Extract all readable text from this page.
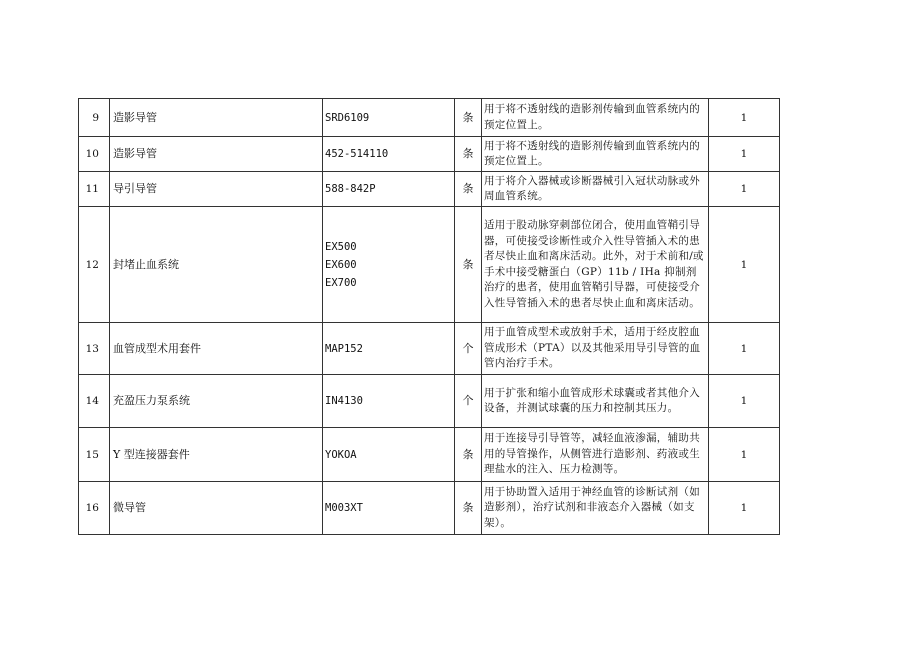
9	造影导管	SRD6109	条	用于将不透射线的造影剂传输到血管系统内的预定位置上。	1
10	造影导管	452-514110	条	用于将不透射线的造影剂传输到血管系统内的预定位置上。	1
11	导引导管	588-842P	条	用于将介入器械或诊断器械引入冠状动脉或外周血管系统。	1
12	封堵止血系统	EX500
EX600
EX700	条	适用于股动脉穿刺部位闭合，使用血管鞘引导器，可使接受诊断性或介入性导管插入术的患者尽快止血和离床活动。此外，对于术前和/或手术中接受糖蛋白（GP）11b / IHa 抑制剂治疗的患者，使用血管鞘引导器，可使接受介入性导管插入术的患者尽快止血和离床活动。	1
13	血管成型术用套件	MAP152	个	用于血管成型术或放射手术，适用于经皮腔血管成形术（PTA）以及其他采用导引导管的血管内治疗手术。	1
14	充盈压力泵系统	IN4130	个	用于扩张和缩小血管成形术球囊或者其他介入设备，并测试球囊的压力和控制其压力。	1
15	Y 型连接器套件	YOKOA	条	用于连接导引导管等，减轻血液渗漏，辅助共用的导管操作，从侧管进行造影剂、药液或生理盐水的注入、压力检测等。	1
16	微导管	M003XT	条	用于协助置入适用于神经血管的诊断试剂（如造影剂），治疗试剂和非液态介入器械（如支架）。	1
